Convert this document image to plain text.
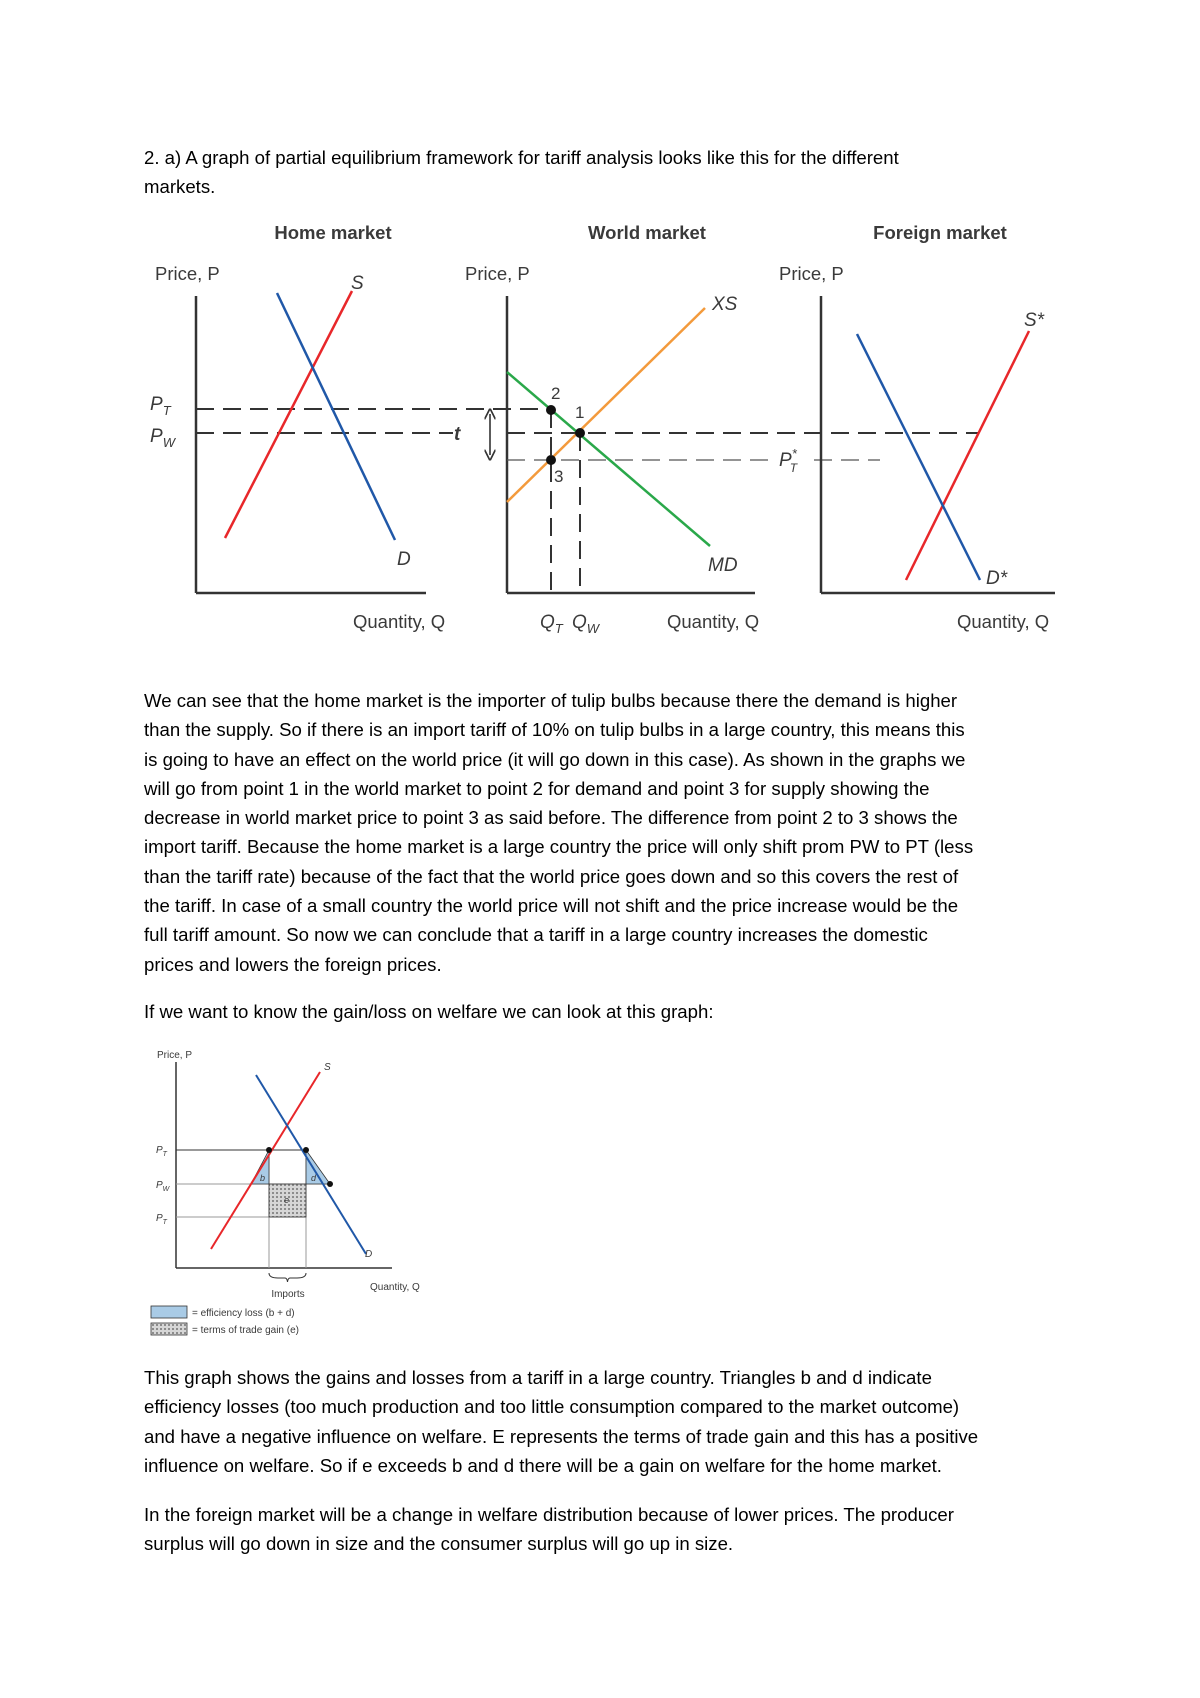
2. a) A graph of partial equilibrium framework for tariff analysis looks like this for the different
markets.

Home market
Price, P
Quantity, Q
$P_T$
$P_W$
S
D
World market
Price, P
Quantity, Q
t
1
2
3
XS
MD
$Q_T$ $Q_W$
P* T
Foreign market
Price, P
Quantity, Q
S*
D*

We can see that the home market is the importer of tulip bulbs because there the demand is higher
than the supply. So if there is an import tariff of 10% on tulip bulbs in a large country, this means this
is going to have an effect on the world price (it will go down in this case). As shown in the graphs we
will go from point 1 in the world market to point 2 for demand and point 3 for supply showing the
decrease in world market price to point 3 as said before. The difference from point 2 to 3 shows the
import tariff. Because the home market is a large country the price will only shift prom PW to PT (less
than the tariff rate) because of the fact that the world price goes down and so this covers the rest of
the tariff. In case of a small country the world price will not shift and the price increase would be the
full tariff amount. So now we can conclude that a tariff in a large country increases the domestic
prices and lowers the foreign prices.

If we want to know the gain/loss on welfare we can look at this graph:

Price, P
Quantity, Q
S
D
b	d
e
$P_T$
$P_W$
$P_T$
Imports
= efficiency loss (b + d)
= terms of trade gain (e)

This graph shows the gains and losses from a tariff in a large country. Triangles b and d indicate
efficiency losses (too much production and too little consumption compared to the market outcome)
and have a negative influence on welfare. E represents the terms of trade gain and this has a positive
influence on welfare. So if e exceeds b and d there will be a gain on welfare for the home market.

In the foreign market will be a change in welfare distribution because of lower prices. The producer
surplus will go down in size and the consumer surplus will go up in size.
